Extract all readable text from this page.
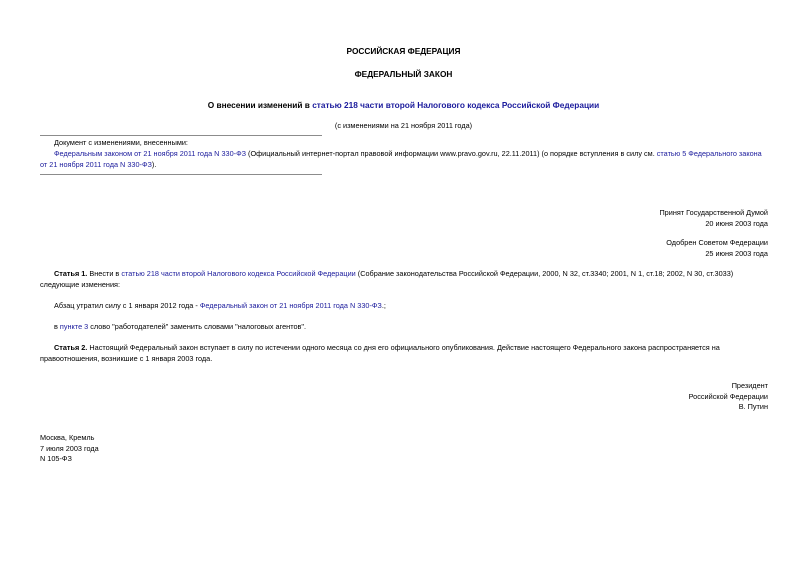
РОССИЙСКАЯ ФЕДЕРАЦИЯ
ФЕДЕРАЛЬНЫЙ ЗАКОН
О внесении изменений в статью 218 части второй Налогового кодекса Российской Федерации
(с изменениями на 21 ноября 2011 года)
Документ с изменениями, внесенными:
Федеральным законом от 21 ноября 2011 года N 330-ФЗ (Официальный интернет-портал правовой информации www.pravo.gov.ru, 22.11.2011) (о порядке вступления в силу см. статью 5 Федерального закона от 21 ноября 2011 года N 330-ФЗ).
Принят Государственной Думой
20 июня 2003 года
Одобрен Советом Федерации
25 июня 2003 года
Статья 1. Внести в статью 218 части второй Налогового кодекса Российской Федерации (Собрание законодательства Российской Федерации, 2000, N 32, ст.3340; 2001, N 1, ст.18; 2002, N 30, ст.3033) следующие изменения:
Абзац утратил силу с 1 января 2012 года - Федеральный закон от 21 ноября 2011 года N 330-ФЗ.;
в пункте 3 слово "работодателей" заменить словами "налоговых агентов".
Статья 2. Настоящий Федеральный закон вступает в силу по истечении одного месяца со дня его официального опубликования. Действие настоящего Федерального закона распространяется на правоотношения, возникшие с 1 января 2003 года.
Президент
Российской Федерации
В. Путин
Москва, Кремль
7 июля 2003 года
N 105-ФЗ
